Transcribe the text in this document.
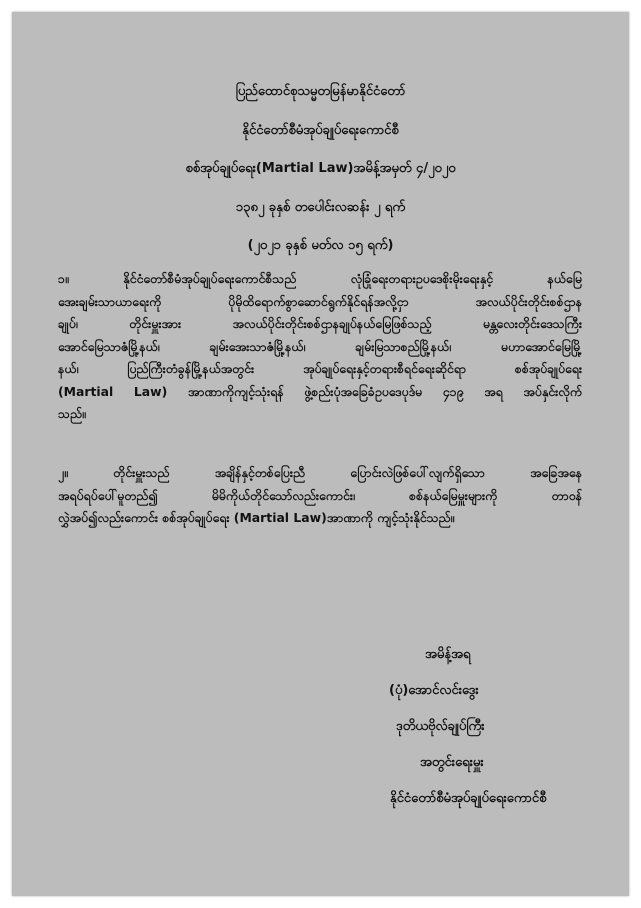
ပြည်ထောင်စုသမ္မတမြန်မာနိုင်ငံတော်
နိုင်ငံတော်စီမံအုပ်ချုပ်ရေးကောင်စီ
စစ်အုပ်ချုပ်ရေး(Martial Law)အမိန့်အမှတ် ၄/၂၀၂၀
၁၃၈၂ ခုနှစ် တပေါင်းလဆန်း ၂ ရက်
(၂၀၂၁ ခုနှစ် မတ်လ ၁၅ ရက်)
၁။ နိုင်ငံတော်စီမံအုပ်ချုပ်ရေးကောင်စီသည် လုံခြုံရေးတရားဥပဒေစိုးမိုးရေးနှင့် နယ်မြေ
အေးချမ်းသာယာရေးကို ပိုမိုထိရောက်စွာဆောင်ရွက်နိုင်ရန်အလို့ငှာ အလယ်ပိုင်းတိုင်းစစ်ဌာန
ချုပ်၊ တိုင်းမှူးအား အလယ်ပိုင်းတိုင်းစစ်ဌာနချုပ်နယ်မြေဖြစ်သည့် မန္တလေးတိုင်းဒေသကြီး
အောင်မြေသာဇံမြို့နယ်၊ ချမ်းအေးသာဇံမြို့နယ်၊ ချမ်းမြသာစည်မြို့နယ်၊ မဟာအောင်မြေမြို့
နယ်၊ ပြည်ကြီးတံခွန်မြို့နယ်အတွင်း အုပ်ချုပ်ရေးနှင့်တရားစီရင်ရေးဆိုင်ရာ စစ်အုပ်ချုပ်ရေး
(Martial Law) အာဏာကိုကျင့်သုံးရန် ဖွဲ့စည်းပုံအခြေခံဥပဒေပုဒ်မ ၄၁၉ အရ အပ်နှင်းလိုက်
သည်။
၂။ တိုင်းမှူးသည် အချိန်နှင့်တစ်ပြေးညီ ပြောင်းလဲဖြစ်ပေါ်လျက်ရှိသော အခြေအနေ
အရပ်ရပ်ပေါ်မူတည်၍ မိမိကိုယ်တိုင်သော်လည်းကောင်း၊ စစ်နယ်မြေမှူးများကို တာဝန်
လွှဲအပ်၍လည်းကောင်း စစ်အုပ်ချုပ်ရေး (Martial Law)အာဏာကို ကျင့်သုံးနိုင်သည်။
အမိန့်အရ
(ပုံ)အောင်လင်းဒွေး
ဒုတိယဗိုလ်ချုပ်ကြီး
အတွင်းရေးမှူး
နိုင်ငံတော်စီမံအုပ်ချုပ်ရေးကောင်စီ
